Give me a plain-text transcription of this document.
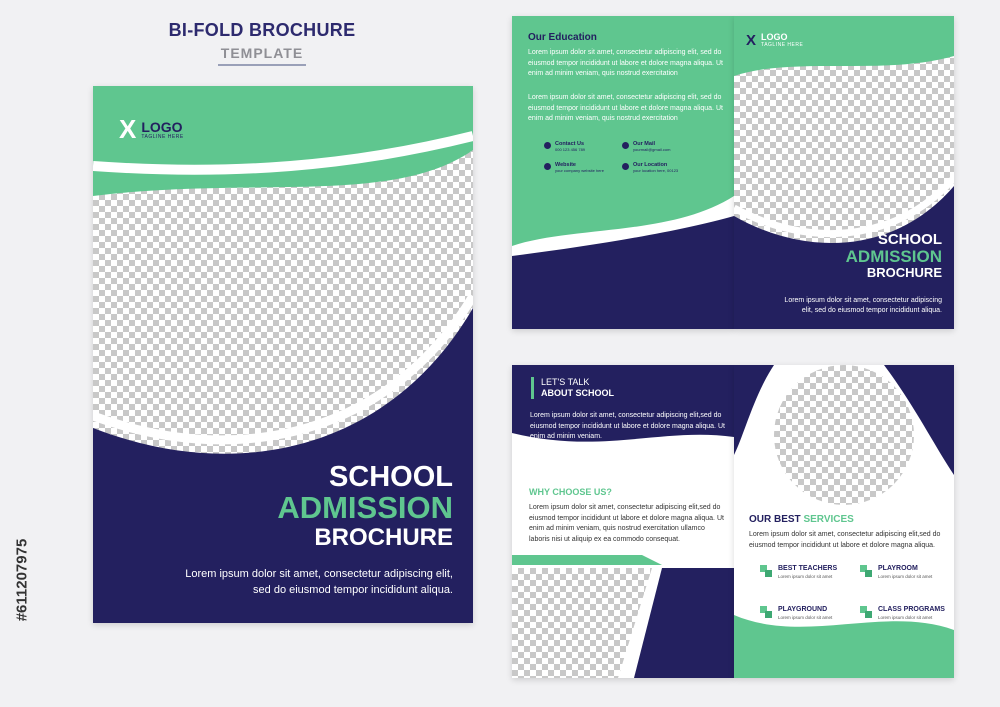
BI-FOLD BROCHURE
TEMPLATE
#611207975
X LOGO
TAGLINE HERE
SCHOOL
ADMISSION
BROCHURE
Lorem ipsum dolor sit amet, consectetur adipiscing elit, sed do eiusmod tempor incididunt aliqua.
Our Education
Lorem ipsum dolor sit amet, consectetur adipiscing elit, sed do eiusmod tempor incididunt ut labore et dolore magna aliqua. Ut enim ad minim veniam, quis nostrud exercitation
Lorem ipsum dolor sit amet, consectetur adipiscing elit, sed do eiusmod tempor incididunt ut labore et dolore magna aliqua. Ut enim ad minim veniam, quis nostrud exercitation
Contact Us
000 123 456 789
Our Mail
yourmail@gmail.com
Website
your company website here
Our Location
your location here, 00123
X LOGO
TAGLINE HERE
SCHOOL
ADMISSION
BROCHURE
Lorem ipsum dolor sit amet, consectetur adipiscing elit, sed do eiusmod tempor incididunt aliqua.
LET'S TALK
ABOUT SCHOOL
Lorem ipsum dolor sit amet, consectetur adipiscing elit,sed do eiusmod tempor incididunt ut labore et dolore magna aliqua. Ut enim ad minim veniam.
WHY CHOOSE US?
Lorem ipsum dolor sit amet, consectetur adipiscing elit,sed do eiusmod tempor incididunt ut labore et dolore magna aliqua. Ut enim ad minim veniam, quis nostrud exercitation ullamco laboris nisi ut aliquip ex ea commodo consequat.
OUR BEST SERVICES
Lorem ipsum dolor sit amet, consectetur adipiscing elit,sed do eiusmod tempor incididunt ut labore et dolore magna aliqua.
BEST TEACHERS
Lorem ipsum dolor sit amet
PLAYROOM
Lorem ipsum dolor sit amet
PLAYGROUND
Lorem ipsum dolor sit amet
CLASS PROGRAMS
Lorem ipsum dolor sit amet
